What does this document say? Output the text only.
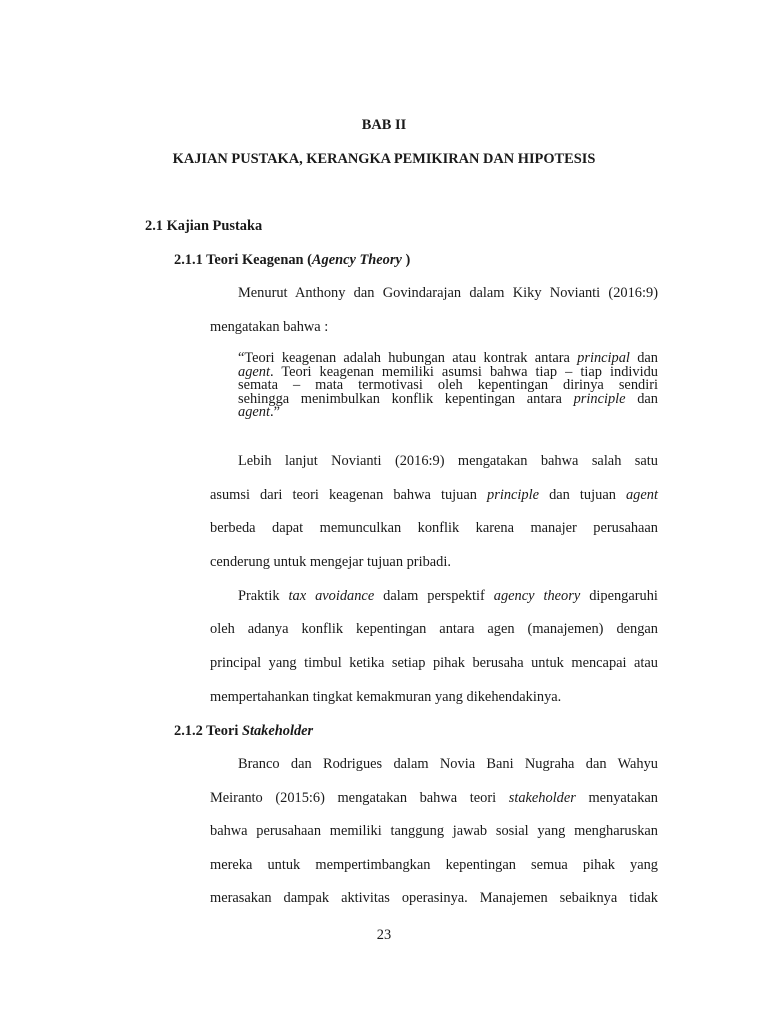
BAB II

KAJIAN PUSTAKA, KERANGKA PEMIKIRAN DAN HIPOTESIS

2.1 Kajian Pustaka

2.1.1 Teori Keagenan (Agency Theory )

Menurut Anthony dan Govindarajan dalam Kiky Novianti (2016:9)

mengatakan bahwa :

“Teori keagenan adalah hubungan atau kontrak antara principal dan
agent. Teori keagenan memiliki asumsi bahwa tiap – tiap individu
semata – mata termotivasi oleh kepentingan dirinya sendiri
sehingga menimbulkan konflik kepentingan antara principle dan
agent.”

Lebih lanjut Novianti (2016:9) mengatakan bahwa salah satu

asumsi dari teori keagenan bahwa tujuan principle dan tujuan agent

berbeda dapat memunculkan konflik karena manajer perusahaan

cenderung untuk mengejar tujuan pribadi.

Praktik tax avoidance dalam perspektif agency theory dipengaruhi

oleh adanya konflik kepentingan antara agen (manajemen) dengan

principal yang timbul ketika setiap pihak berusaha untuk mencapai atau

mempertahankan tingkat kemakmuran yang dikehendakinya.

2.1.2 Teori Stakeholder

Branco dan Rodrigues dalam Novia Bani Nugraha dan Wahyu

Meiranto (2015:6) mengatakan bahwa teori stakeholder menyatakan

bahwa perusahaan memiliki tanggung jawab sosial yang mengharuskan

mereka untuk mempertimbangkan kepentingan semua pihak yang

merasakan dampak aktivitas operasinya. Manajemen sebaiknya tidak

23
